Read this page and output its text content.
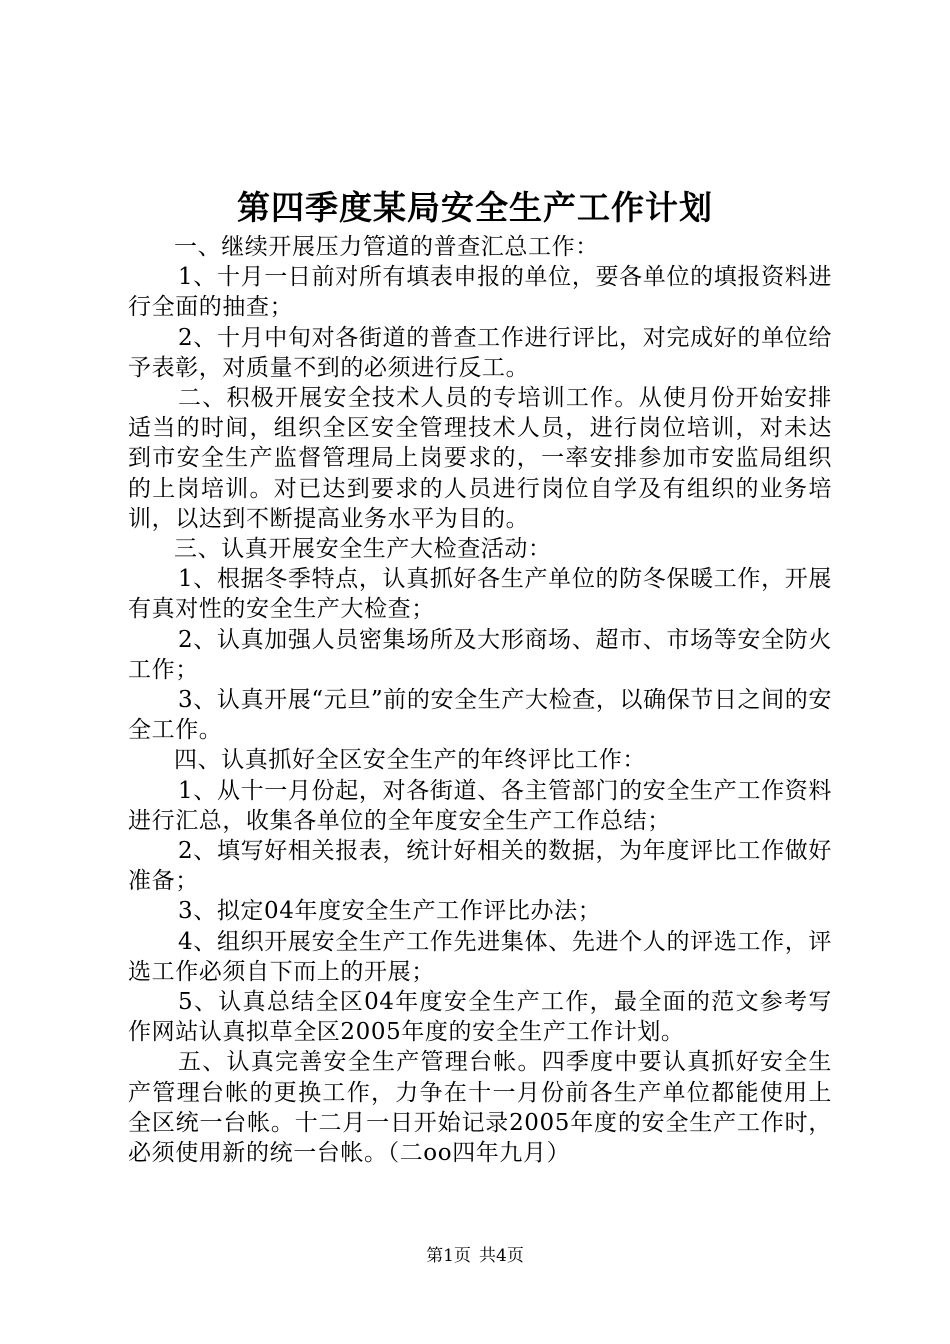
第四季度某局安全生产工作计划

一、继续开展压力管道的普查汇总工作：

1、十月一日前对所有填表申报的单位，要各单位的填报资料进行全面的抽查；

2、十月中旬对各街道的普查工作进行评比，对完成好的单位给予表彰，对质量不到的必须进行反工。

二、积极开展安全技术人员的专培训工作。从使月份开始安排适当的时间，组织全区安全管理技术人员，进行岗位培训，对未达到市安全生产监督管理局上岗要求的，一率安排参加市安监局组织的上岗培训。对已达到要求的人员进行岗位自学及有组织的业务培训，以达到不断提高业务水平为目的。

三、认真开展安全生产大检查活动：

1、根据冬季特点，认真抓好各生产单位的防冬保暖工作，开展有真对性的安全生产大检查；

2、认真加强人员密集场所及大形商场、超市、市场等安全防火工作；

3、认真开展“元旦”前的安全生产大检查，以确保节日之间的安全工作。

四、认真抓好全区安全生产的年终评比工作：

1、从十一月份起，对各街道、各主管部门的安全生产工作资料进行汇总，收集各单位的全年度安全生产工作总结；

2、填写好相关报表，统计好相关的数据，为年度评比工作做好准备；

3、拟定04年度安全生产工作评比办法；

4、组织开展安全生产工作先进集体、先进个人的评选工作，评选工作必须自下而上的开展；

5、认真总结全区04年度安全生产工作，最全面的范文参考写作网站认真拟草全区2005年度的安全生产工作计划。

五、认真完善安全生产管理台帐。四季度中要认真抓好安全生产管理台帐的更换工作，力争在十一月份前各生产单位都能使用上全区统一台帐。十二月一日开始记录2005年度的安全生产工作时，必须使用新的统一台帐。（二oo四年九月）

第1页 共4页
